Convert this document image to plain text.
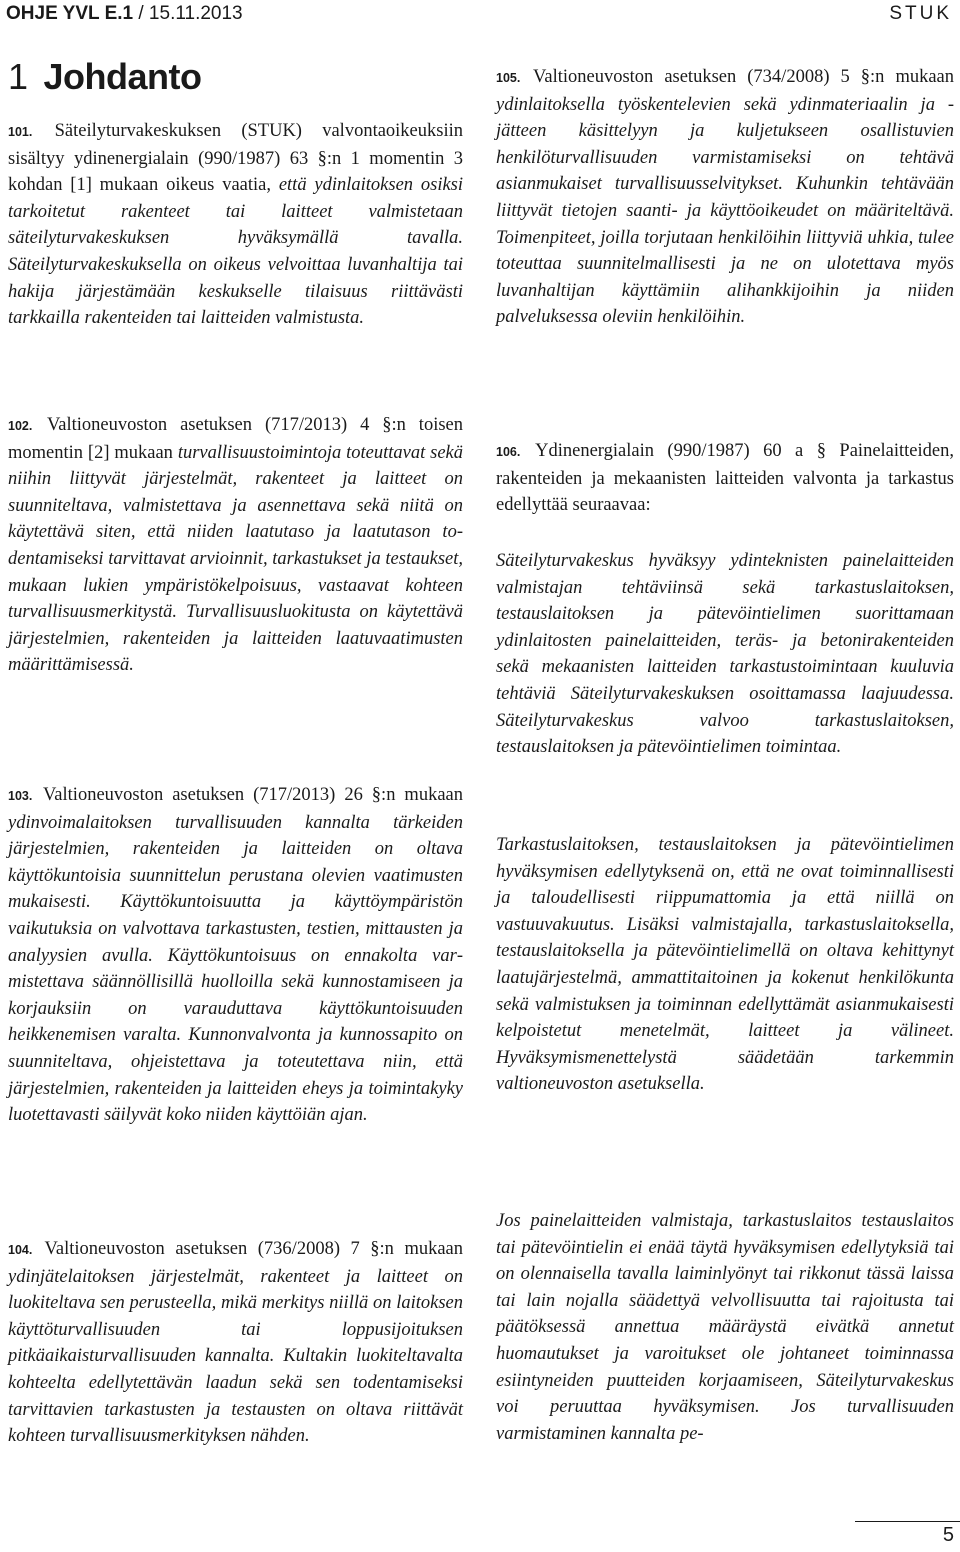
OHJE YVL E.1 / 15.11.2013	STUK
1 Johdanto

101. Säteilyturvakeskuksen (STUK) valvontaoikeuksiin sisältyy ydinenergialain (990/1987) 63 §:n 1 momentin 3 kohdan [1] mukaan oikeus vaatia, että ydinlaitoksen osiksi tarkoitetut rakenteet tai laitteet valmistetaan säteilyturvakeskuksen hyväksymällä tavalla. Säteilyturvakeskuksella on oikeus velvoittaa luvanhaltija tai hakija järjestämään keskukselle tilaisuus riittävästi tarkkailla rakenteiden tai laitteiden valmistusta.

102. Valtioneuvoston asetuksen (717/2013) 4 §:n toisen momentin [2] mukaan turvallisuustoimintoja toteuttavat sekä niihin liittyvät järjestelmät, rakenteet ja laitteet on suunniteltava, valmistettava ja asennettava sekä niitä on käytettävä siten, että niiden laatutaso ja laatutason todentamiseksi tarvittavat arvioinnit, tarkastukset ja testaukset, mukaan lukien ympäristökelpoisuus, vastaavat kohteen turvallisuusmerkitystä. Turvallisuusluokitusta on käytettävä järjestelmien, rakenteiden ja laitteiden laatuvaatimusten määrittämisessä.

103. Valtioneuvoston asetuksen (717/2013) 26 §:n mukaan ydinvoimalaitoksen turvallisuuden kannalta tärkeiden järjestelmien, rakenteiden ja laitteiden on oltava käyttökuntoisia suunnittelun perustana olevien vaatimusten mukaisesti. Käyttökuntoisuutta ja käyttöympäristön vaikutuksia on valvottava tarkastusten, testien, mittausten ja analyysien avulla. Käyttökuntoisuus on ennakolta varmistettava säännöllisillä huolloilla sekä kunnostamiseen ja korjauksiin on varauduttava käyttökuntoisuuden heikkenemisen varalta. Kunnonvalvonta ja kunnossapito on suunniteltava, ohjeistettava ja toteutettava niin, että järjestelmien, rakenteiden ja laitteiden eheys ja toimintakyky luotettavasti säilyvät koko niiden käyttöiän ajan.

104. Valtioneuvoston asetuksen (736/2008) 7 §:n mukaan ydinjätelaitoksen järjestelmät, rakenteet ja laitteet on luokiteltava sen perusteella, mikä merkitys niillä on laitoksen käyttöturvallisuuden tai loppusijoituksen pitkäaikaisturvallisuuden kannalta. Kultakin luokiteltavalta kohteelta edellytettävän laadun sekä sen todentamiseksi tarvittavien tarkastusten ja testausten on oltava riittävät kohteen turvallisuusmerkityksen nähden.

105. Valtioneuvoston asetuksen (734/2008) 5 §:n mukaan ydinlaitoksella työskentelevien sekä ydinmateriaalin ja -jätteen käsittelyyn ja kuljetukseen osallistuvien henkilöturvallisuuden varmistamiseksi on tehtävä asianmukaiset turvallisuusselvitykset. Kuhunkin tehtävään liittyvät tietojen saanti- ja käyttöoikeudet on määriteltävä. Toimenpiteet, joilla torjutaan henkilöihin liittyviä uhkia, tulee toteuttaa suunnitelmallisesti ja ne on ulotettava myös luvanhaltijan käyttämiin alihankkijoihin ja niiden palveluksessa oleviin henkilöihin.

106. Ydinenergialain (990/1987) 60 a § Painelaitteiden, rakenteiden ja mekaanisten laitteiden valvonta ja tarkastus edellyttää seuraavaa:

Säteilyturvakeskus hyväksyy ydinteknisten painelaitteiden valmistajan tehtäviinsä sekä tarkastuslaitoksen, testauslaitoksen ja pätevöintielimen suorittamaan ydinlaitosten painelaitteiden, teräs- ja betonirakenteiden sekä mekaanisten laitteiden tarkastustoimintaan kuuluvia tehtäviä Säteilyturvakeskuksen osoittamassa laajuudessa. Säteilyturvakeskus valvoo tarkastuslaitoksen, testauslaitoksen ja pätevöintielimen toimintaa.

Tarkastuslaitoksen, testauslaitoksen ja pätevöintielimen hyväksymisen edellytyksenä on, että ne ovat toiminnallisesti ja taloudellisesti riippumattomia ja että niillä on vastuuvakuutus. Lisäksi valmistajalla, tarkastuslaitoksella, testauslaitoksella ja pätevöintielimellä on oltava kehittynyt laatujärjestelmä, ammattitaitoinen ja kokenut henkilökunta sekä valmistuksen ja toiminnan edellyttämät asianmukaisesti kelpoistetut menetelmät, laitteet ja välineet. Hyväksymismenettelystä säädetään tarkemmin valtioneuvoston asetuksella.

Jos painelaitteiden valmistaja, tarkastuslaitos testauslaitos tai pätevöintielin ei enää täytä hyväksymisen edellytyksiä tai on olennaisella tavalla laiminlyönyt tai rikkonut tässä laissa tai lain nojalla säädettyä velvollisuutta tai rajoitusta tai päätöksessä annettua määräystä eivätkä annetut huomautukset ja varoitukset ole johtaneet toiminnassa esiintyneiden puutteiden korjaamiseen, Säteilyturvakeskus voi peruuttaa hyväksymisen. Jos turvallisuuden varmistaminen kannalta pe-

5
